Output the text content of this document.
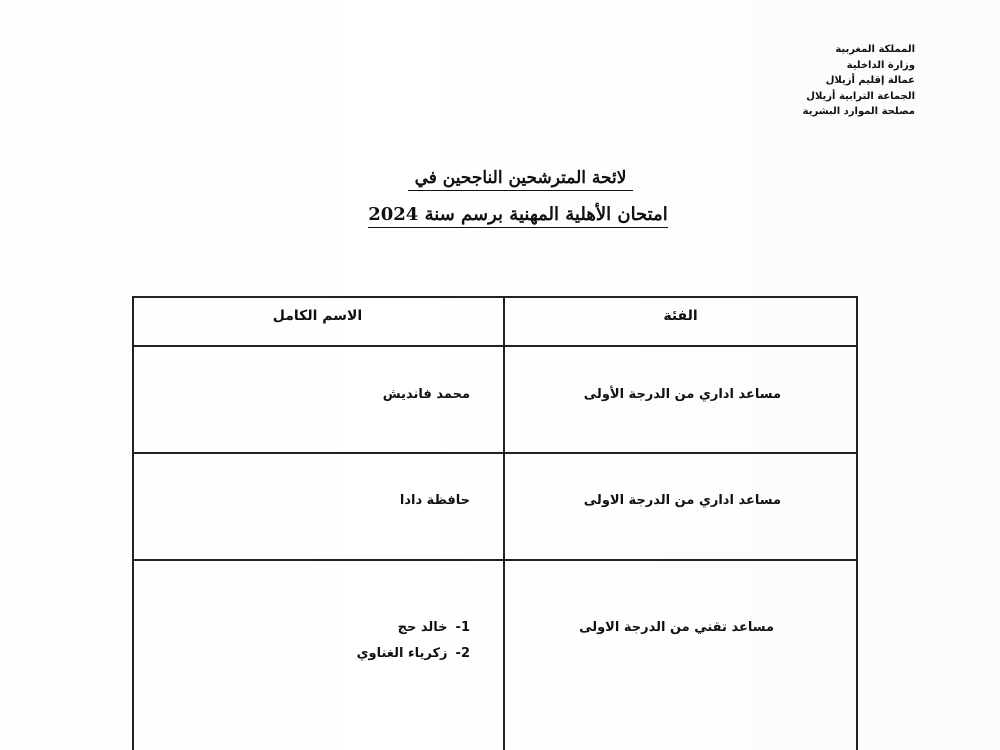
المملكة المغربية
وزارة الداخلية
عمالة إقليم أزيلال
الجماعة الترابية أزيلال
مصلحة الموارد البشرية
لائحة المترشحين الناجحين في
امتحان الأهلية المهنية برسم سنة 2024
الاسم الكامل	الفئة
مساعد اداري من الدرجة الأولى
محمد فانديش
مساعد اداري من الدرجة الاولى
حافظة دادا
مساعد تقني من الدرجة الاولى
-1
خالد حج
-2
زكرياء الغناوي
